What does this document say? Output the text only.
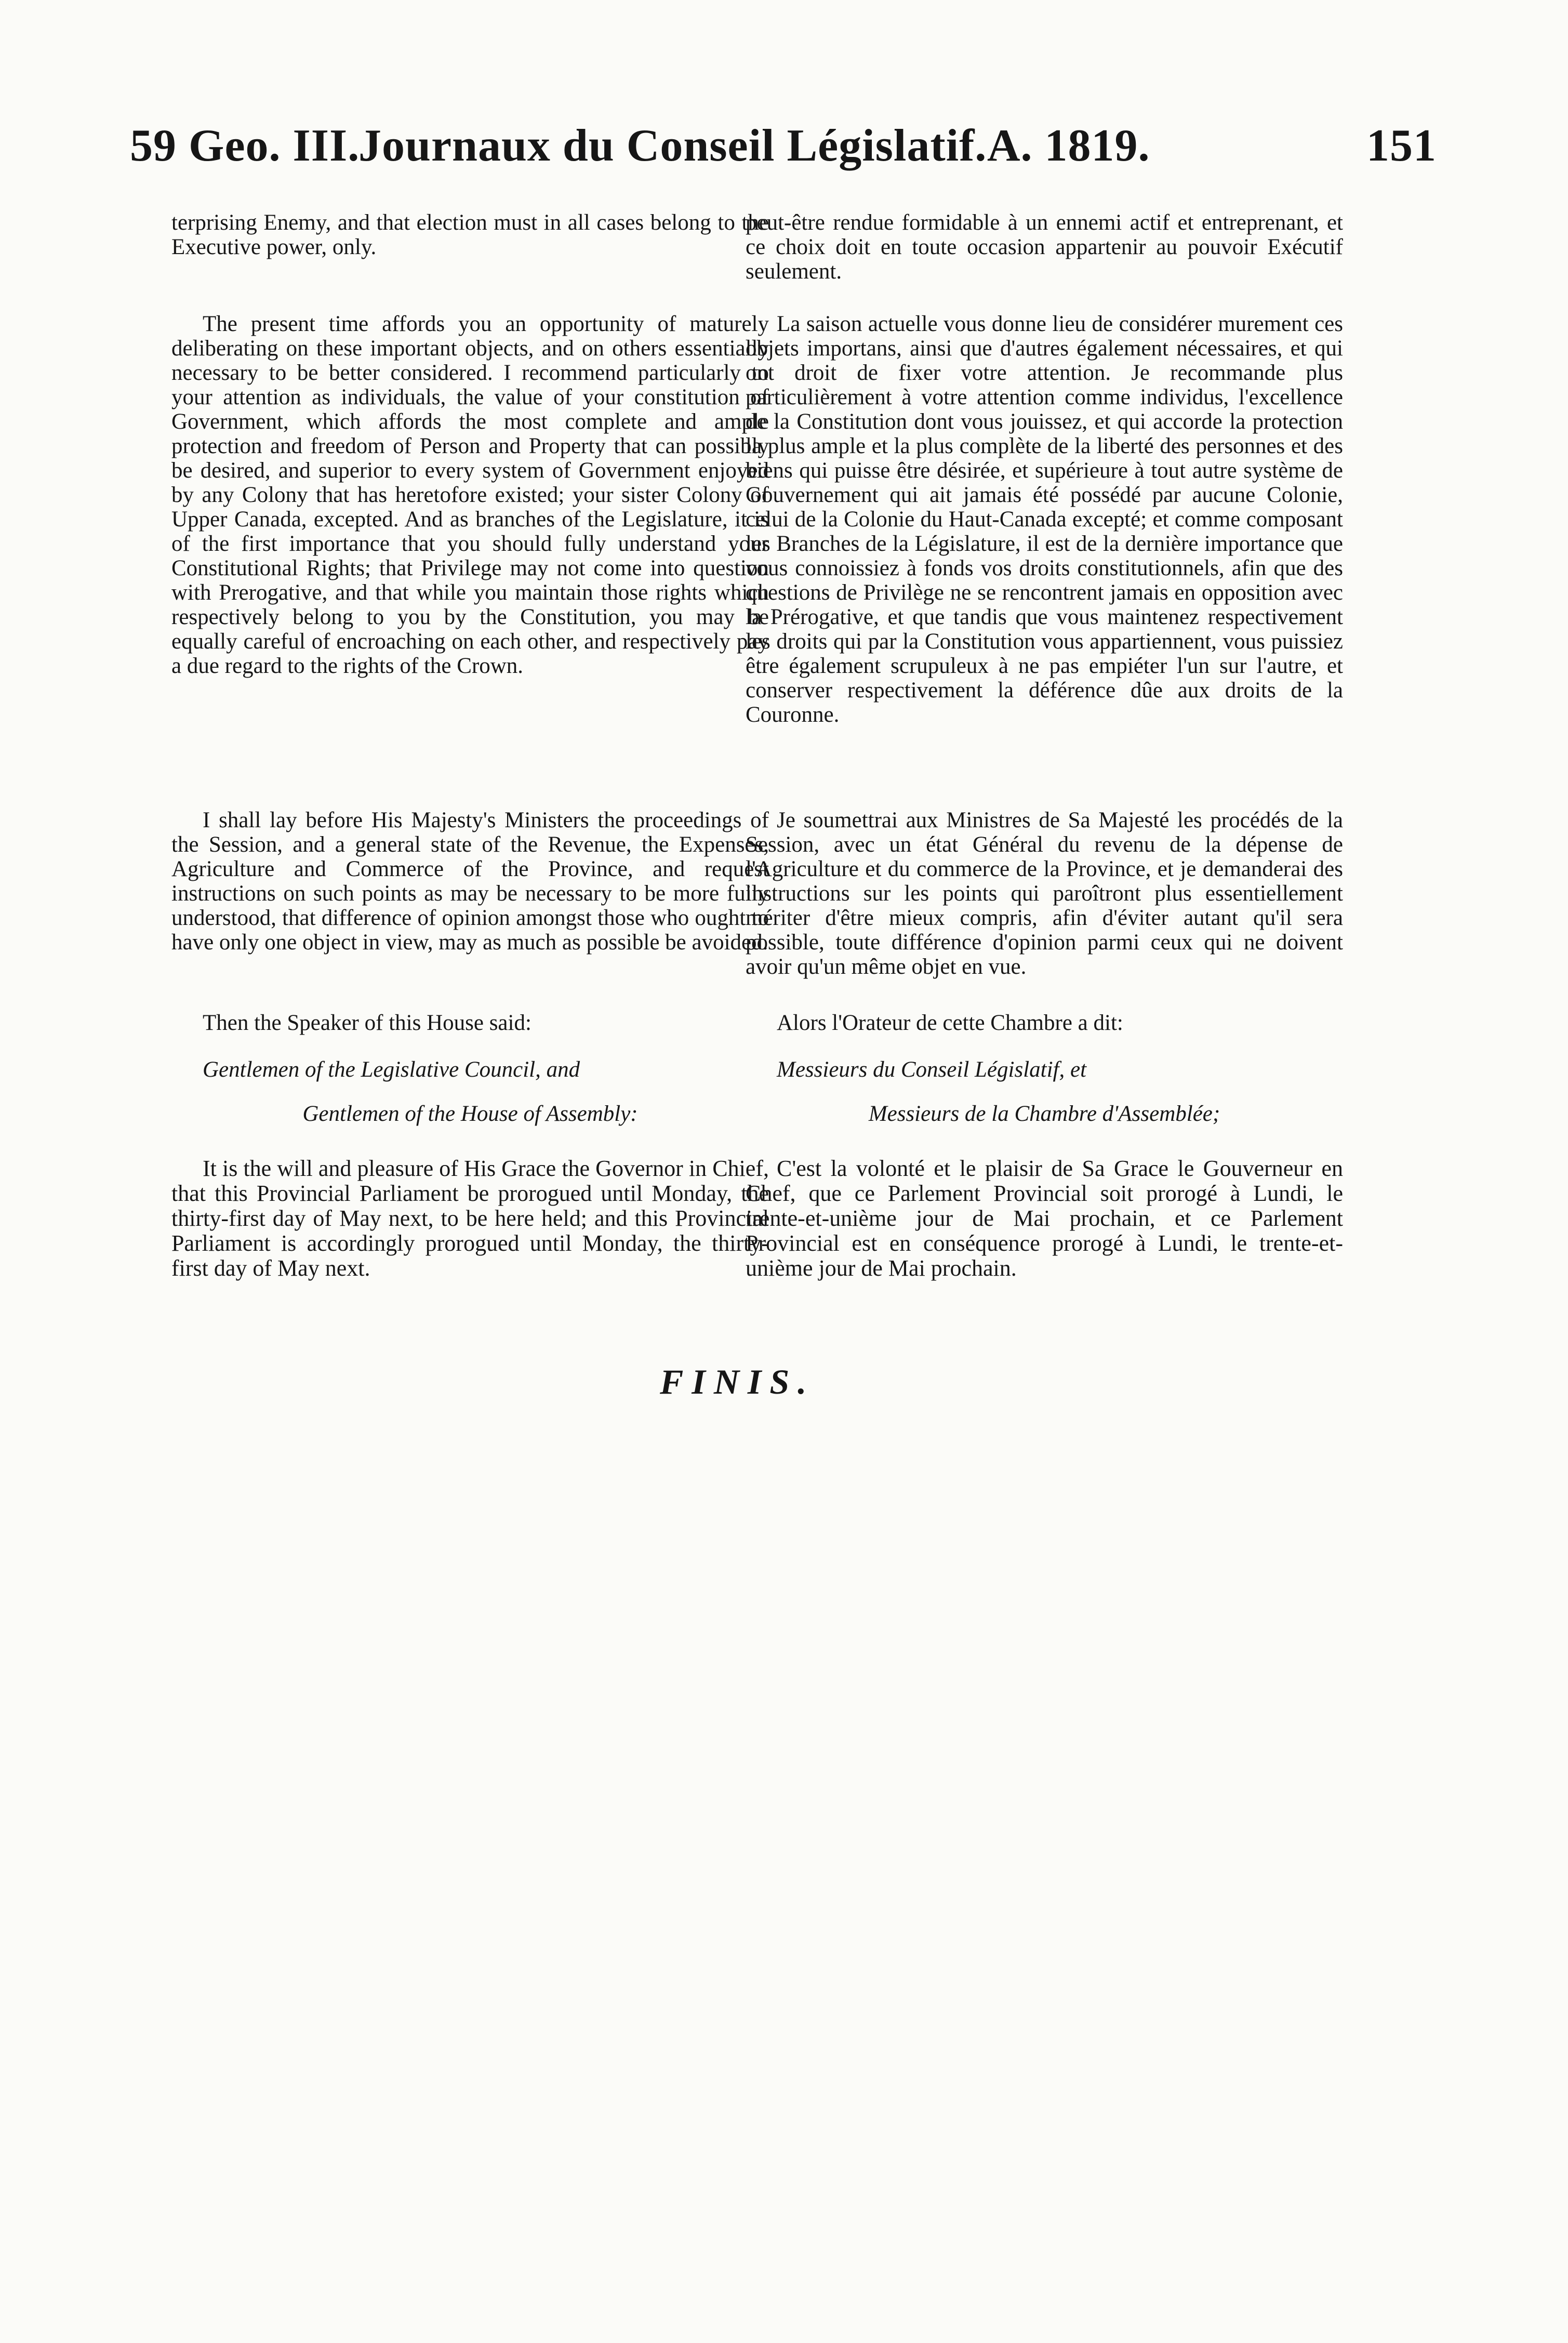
59 Geo. III.
Journaux du Conseil Législatif. A. 1819.	151

terprising Enemy, and that election must in all cases belong to the Executive power, only.

The present time affords you an opportunity of maturely deliberating on these important objects, and on others essentially necessary to be better considered. I recommend particularly to your attention as individuals, the value of your constitution of Government, which affords the most complete and ample protection and freedom of Person and Property that can possibly be desired, and superior to every system of Government enjoyed by any Colony that has heretofore existed; your sister Colony of Upper Canada, excepted. And as branches of the Legislature, it is of the first importance that you should fully understand your Constitutional Rights; that Privilege may not come into question with Prerogative, and that while you maintain those rights which respectively belong to you by the Constitution, you may be equally careful of encroaching on each other, and respectively pay a due regard to the rights of the Crown.

I shall lay before His Majesty's Ministers the proceedings of the Session, and a general state of the Revenue, the Expenses, Agriculture and Commerce of the Province, and request instructions on such points as may be necessary to be more fully understood, that difference of opinion amongst those who ought to have only one object in view, may as much as possible be avoided.

Then the Speaker of this House said:

Gentlemen of the Legislative Council, and

Gentlemen of the House of Assembly:

It is the will and pleasure of His Grace the Governor in Chief, that this Provincial Parliament be prorogued until Monday, the thirty-first day of May next, to be here held; and this Provincial Parliament is accordingly prorogued until Monday, the thirty-first day of May next.

peut-être rendue formidable à un ennemi actif et entreprenant, et ce choix doit en toute occasion appartenir au pouvoir Exécutif seulement.

La saison actuelle vous donne lieu de considérer murement ces objets importans, ainsi que d'autres également nécessaires, et qui ont droit de fixer votre attention. Je recommande plus particulièrement à votre attention comme individus, l'excellence de la Constitution dont vous jouissez, et qui accorde la protection la plus ample et la plus complète de la liberté des personnes et des biens qui puisse être désirée, et supérieure à tout autre système de Gouvernement qui ait jamais été possédé par aucune Colonie, celui de la Colonie du Haut-Canada excepté; et comme composant les Branches de la Législature, il est de la dernière importance que vous connoissiez à fonds vos droits constitutionnels, afin que des questions de Privilège ne se rencontrent jamais en opposition avec la Prérogative, et que tandis que vous maintenez respectivement les droits qui par la Constitution vous appartiennent, vous puissiez être également scrupuleux à ne pas empiéter l'un sur l'autre, et conserver respectivement la déférence dûe aux droits de la Couronne.

Je soumettrai aux Ministres de Sa Majesté les procédés de la Session, avec un état Général du revenu de la dépense de l'Agriculture et du commerce de la Province, et je demanderai des instructions sur les points qui paroîtront plus essentiellement mériter d'être mieux compris, afin d'éviter autant qu'il sera possible, toute différence d'opinion parmi ceux qui ne doivent avoir qu'un même objet en vue.

Alors l'Orateur de cette Chambre a dit:

Messieurs du Conseil Législatif, et

Messieurs de la Chambre d'Assemblée;

C'est la volonté et le plaisir de Sa Grace le Gouverneur en Chef, que ce Parlement Provincial soit prorogé à Lundi, le trente-et-unième jour de Mai prochain, et ce Parlement Provincial est en conséquence prorogé à Lundi, le trente-et-unième jour de Mai prochain.

FINIS.
